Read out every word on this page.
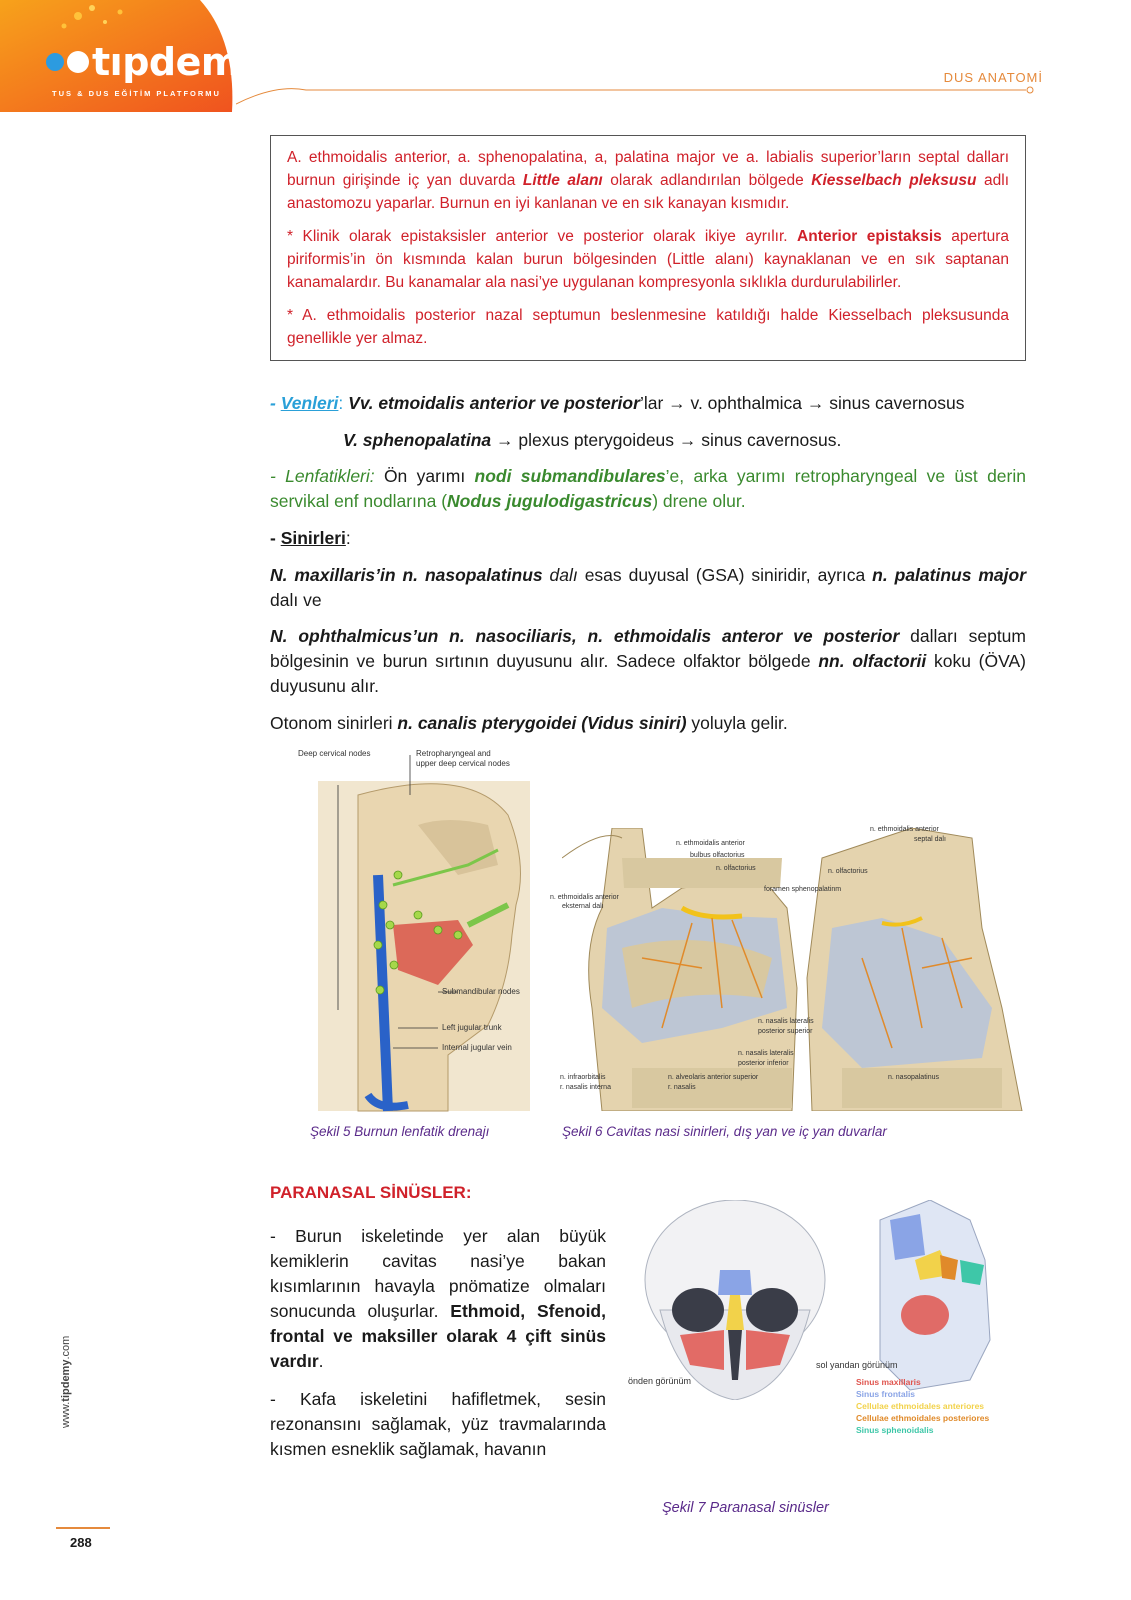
tıpdemy
TUS & DUS EĞİTİM PLATFORMU
DUS ANATOMİ

A. ethmoidalis anterior, a. sphenopalatina, a, palatina major ve a. labialis superior’ların septal dalları burnun girişinde iç yan duvarda Little alanı olarak adlandırılan bölgede Kiesselbach pleksusu adlı anastomozu yaparlar. Burnun en iyi kanlanan ve en sık kanayan kısmıdır.

* Klinik olarak epistaksisler anterior ve posterior olarak ikiye ayrılır. Anterior epistaksis apertura piriformis’in ön kısmında kalan burun bölgesinden (Little alanı) kaynaklanan ve en sık saptanan kanamalardır. Bu kanamalar ala nasi’ye uygulanan kompresyonla sıklıkla durdurulabilirler.

* A. ethmoidalis posterior nazal septumun beslenmesine katıldığı halde Kiesselbach pleksusunda genellikle yer almaz.

- Venleri: Vv. etmoidalis anterior ve posterior’lar → v. ophthalmica → sinus cavernosus
V. sphenopalatina → plexus pterygoideus → sinus cavernosus.
- Lenfatikleri: Ön yarımı nodi submandibulares’e, arka yarımı retropharyngeal ve üst derin servikal enf nodlarına (Nodus jugulodigastricus) drene olur.
- Sinirleri:
N. maxillaris’in n. nasopalatinus dalı esas duyusal (GSA) siniridir, ayrıca n. palatinus major dalı ve
N. ophthalmicus’un n. nasociliaris, n. ethmoidalis anteror ve posterior dalları septum bölgesinin ve burun sırtının duyusunu alır. Sadece olfaktor bölgede nn. olfactorii koku (ÖVA) duyusunu alır.
Otonom sinirleri n. canalis pterygoidei (Vidus siniri) yoluyla gelir.
Deep cervical nodes	Retropharyngeal and
upper deep cervical nodes
Submandibular nodes
Left jugular trunk
Internal jugular vein
Şekil 5 Burnun lenfatik drenajı
n. ethmoidalis anterior
bulbus olfactorius
n. olfactorius
foramen sphenopalatinm
n. ethmoidalis anterior
eksternal dalı
n. ethmoidalis anterior
septal dalı
n. olfactorius
n. nasalis lateralis
posterior superior
n. nasalis lateralis
posterior inferior
n. infraorbitalis
r. nasalis interna
n. alveolaris anterior superior
r. nasalis
n. nasopalatinus
Şekil 6 Cavitas nasi sinirleri, dış yan ve iç yan duvarlar
PARANASAL SİNÜSLER:
- Burun iskeletinde yer alan büyük kemiklerin cavitas nasi’ye bakan kısımlarının havayla pnömatize olmaları sonucunda oluşurlar. Ethmoid, Sfenoid, frontal ve maksiller olarak 4 çift sinüs vardır.
- Kafa iskeletini hafifletmek, sesin rezonansını sağlamak, yüz travmalarında kısmen esneklik sağlamak, havanın
önden görünüm
sol yandan görünüm
Sinus maxillaris
Sinus frontalis
Cellulae ethmoidales anteriores
Cellulae ethmoidales posteriores
Sinus sphenoidalis
Şekil 7 Paranasal sinüsler
www.tipdemy.com
288
